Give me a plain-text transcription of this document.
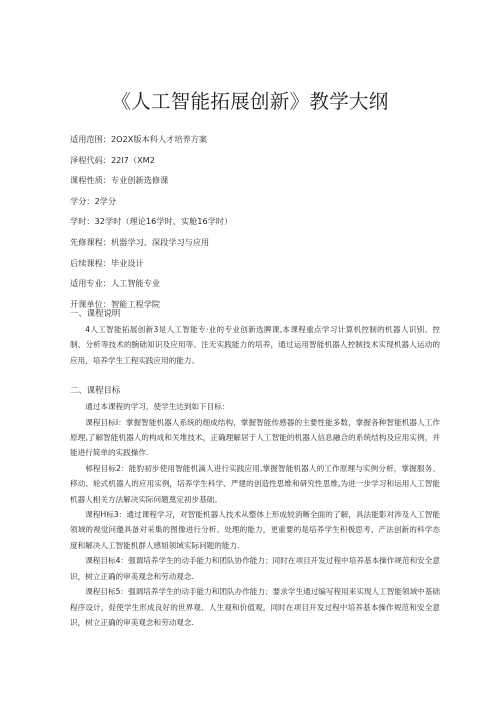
《人工智能拓展创新》教学大纲
适用范围：2O2X版本科人才培养方案
泽程代码：22l7（XM2
课程性质：专业创新选修课
学分：2学分
学时：32学时（理论16学时，实舱16学时）
先修课程：机器学习、深段学习与应用
后续课程：毕业设计
适用专业：人工智能专业
开课单位：智能工程学院
一、课程说明

4人工智能拓展创新3是人工智能专·业的专业创新选脾课,本课程重点学习计算机控制的机器人识别、控制、分析等技术的腕础知识及应用等。注无实践能力的培养，通过运用智能机器人控制技术实现机器人运动的应用，培养学生工程实践应用的能力。

二、课程目标

通过本课程的学习，使学生达到如下目标：

课程目标I：掌握智能机器人系统的细成结构，掌握智能传感器的主要性能多数，掌握各种智能机器人工作原理,了解智能机器人的构成和关堆技术，正确理解居于人工智能的机器人信息融合的系统结构及应用实例，并能进行简单的实践操作.

邨程目标2：能豹初步使用智能机滴人进行实践应用,掌握智能机器人的工作原理与实例分析，掌握服务、移动、轮式机器人的应用实例，培养学生科学、严建的创造性思维和研究性思维,为进一步学习和运用人工智能机器人相关方法解决实际问题奠定初步基础。

课程H标3：通过课程学习，对智能机器人技术从整体上形成较消晰全面的了解，具法能影对涉及人工智能领域的视觉问邀具备对采集的图像进行分析、处理的能力，更重要的是培养学生积极思考、产法创新的科学态度和解决人工智能机群人感姐领域实际问题的能力.

课程目标4：强谓培养学生的动手能力和团队协作能力；同时在项目开发过程中培养基本操作规范和安全意识，树立正确的审美观念和劳动观念.

课程目标5：强调培养学生的动手能力和团队办作能力；要求学生通过编写程用来实现人工智能领域中基础程序设计，促使学生形成良好的世界观、人生观和价值观，同时在项目开发过程中培养基本操作规范和安全意识，树立正确的审美观念和劳动观念.
